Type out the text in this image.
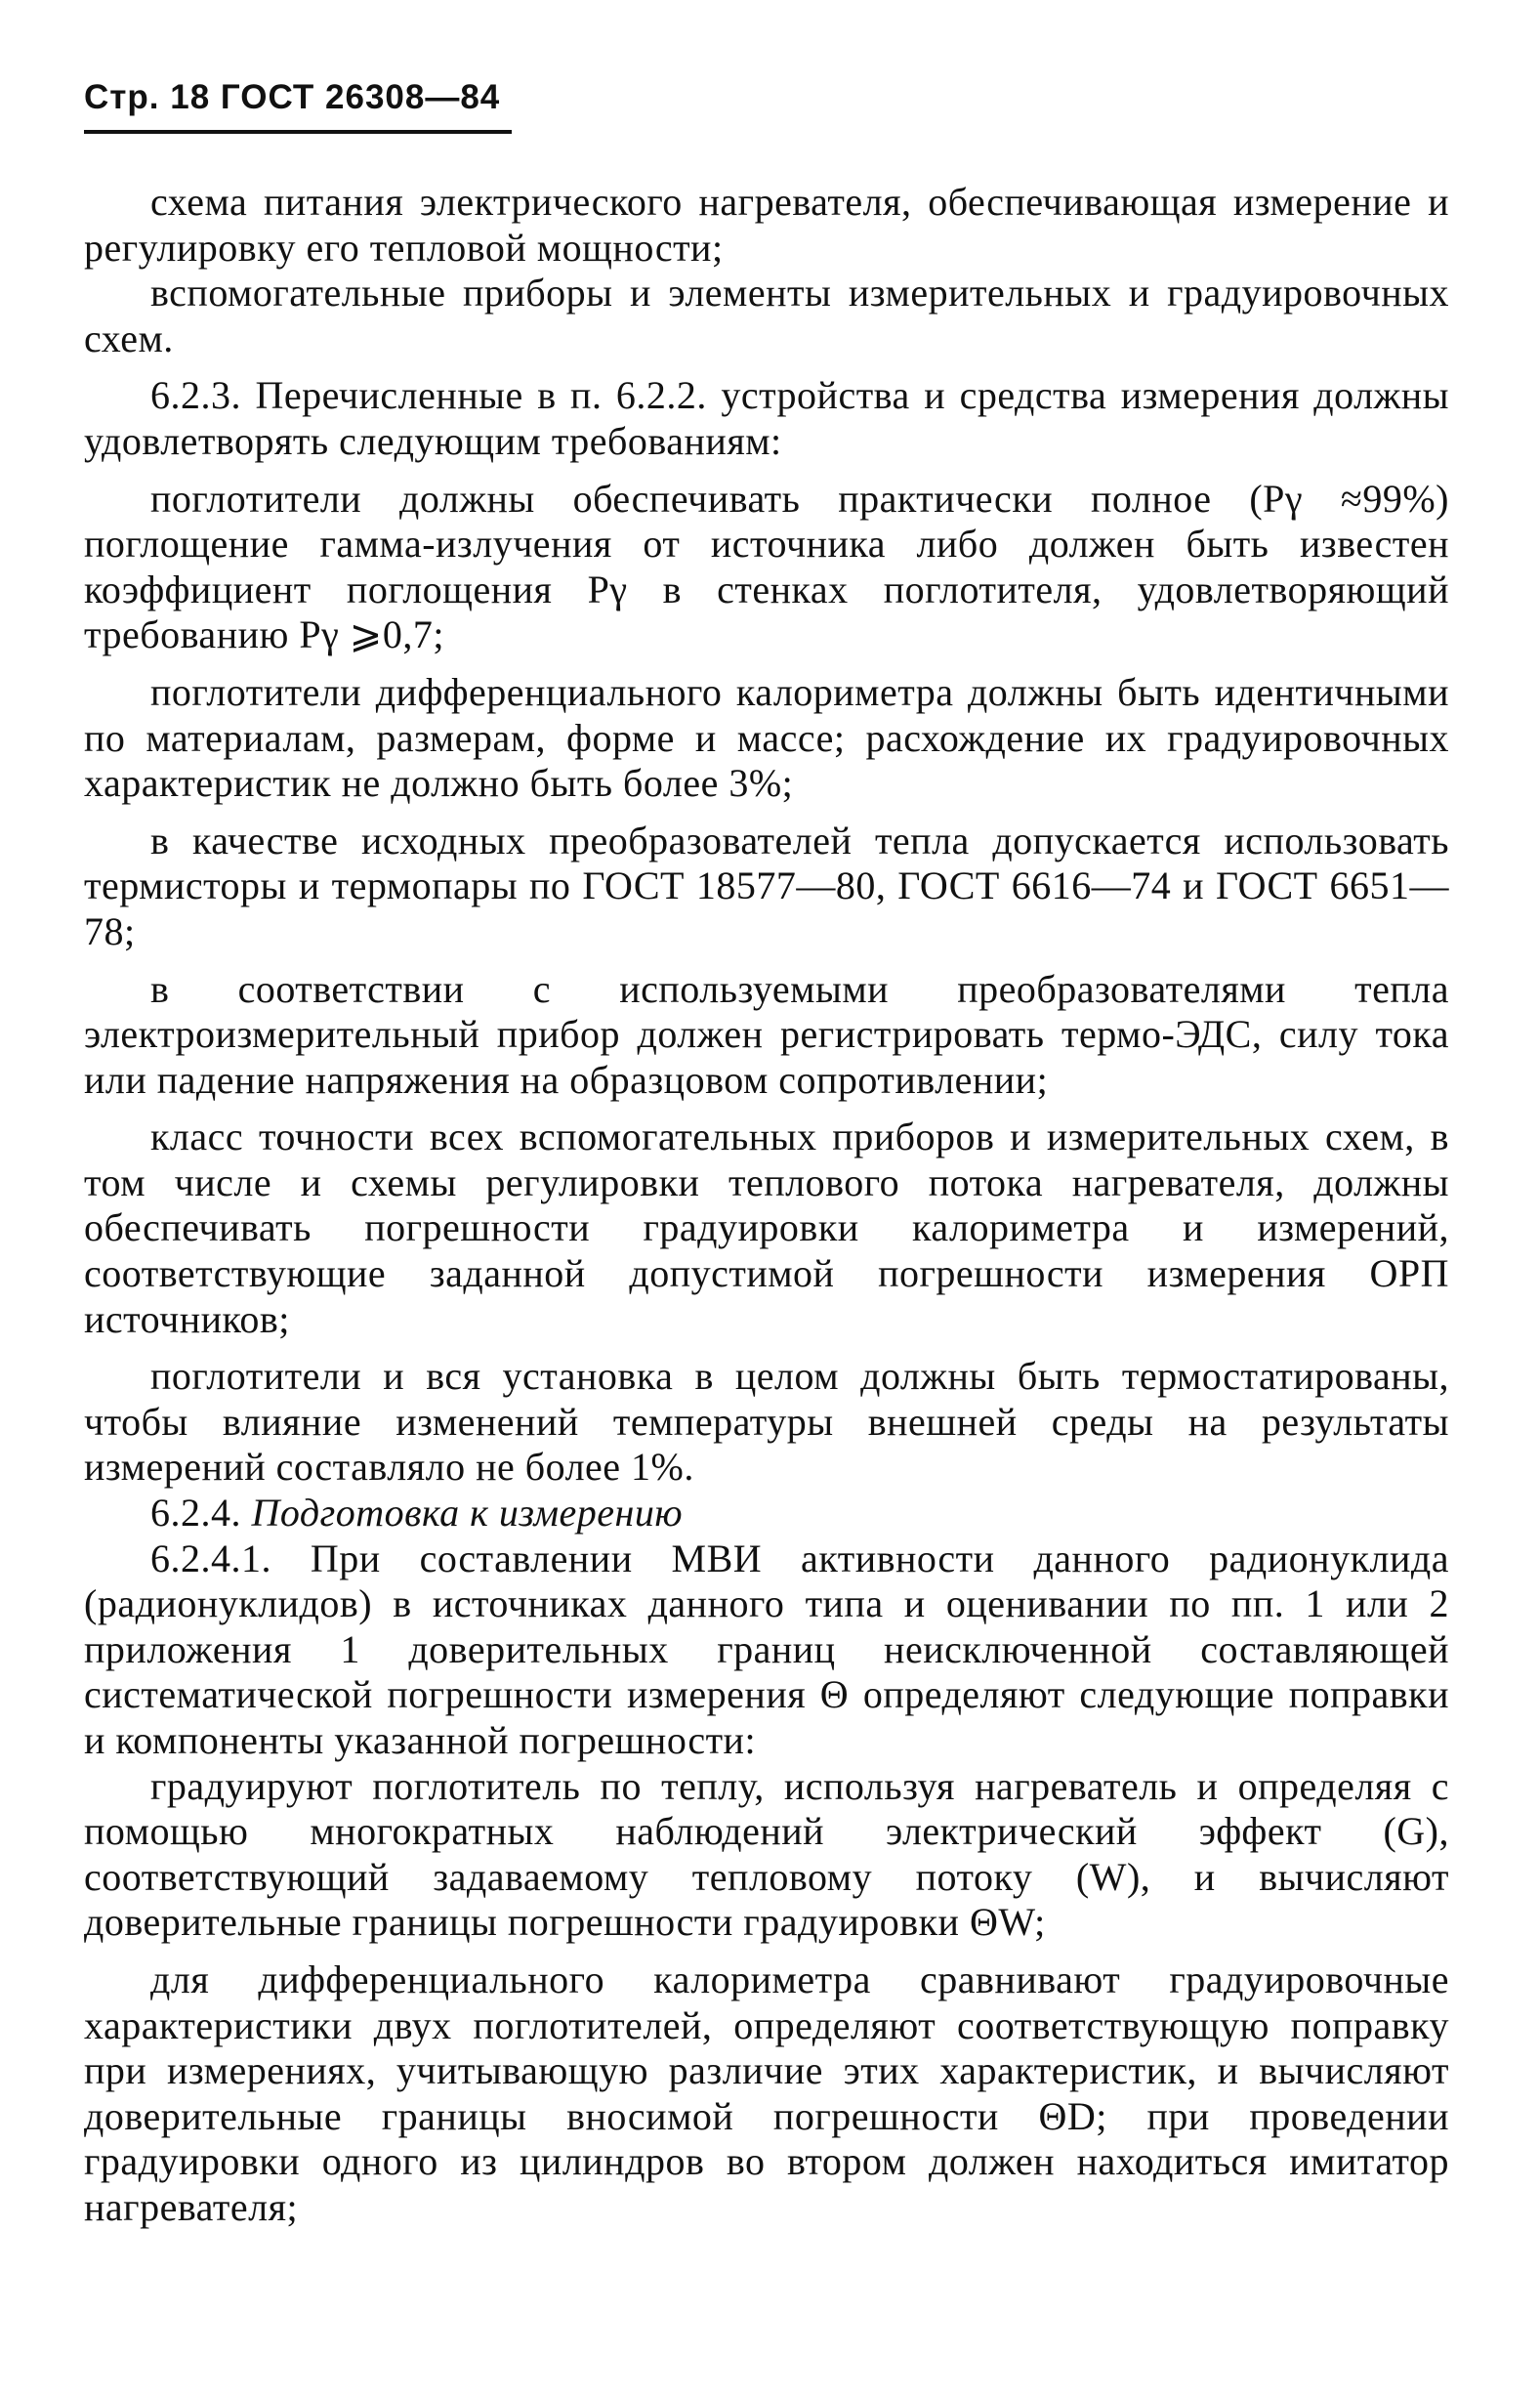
Стр. 18 ГОСТ 26308—84

схема питания электрического нагревателя, обеспечивающая измерение и регулировку его тепловой мощности;

вспомогательные приборы и элементы измерительных и градуировочных схем.

6.2.3. Перечисленные в п. 6.2.2. устройства и средства измерения должны удовлетворять следующим требованиям:

поглотители должны обеспечивать практически полное (Pγ ≈99%) поглощение гамма-излучения от источника либо должен быть известен коэффициент поглощения Pγ в стенках поглотителя, удовлетворяющий требованию Pγ ⩾0,7;

поглотители дифференциального калориметра должны быть идентичными по материалам, размерам, форме и массе; расхождение их градуировочных характеристик не должно быть более 3%;

в качестве исходных преобразователей тепла допускается использовать термисторы и термопары по ГОСТ 18577—80, ГОСТ 6616—74 и ГОСТ 6651—78;

в соответствии с используемыми преобразователями тепла электроизмерительный прибор должен регистрировать термо-ЭДС, силу тока или падение напряжения на образцовом сопротивлении;

класс точности всех вспомогательных приборов и измерительных схем, в том числе и схемы регулировки теплового потока нагревателя, должны обеспечивать погрешности градуировки калориметра и измерений, соответствующие заданной допустимой погрешности измерения ОРП источников;

поглотители и вся установка в целом должны быть термостатированы, чтобы влияние изменений температуры внешней среды на результаты измерений составляло не более 1%.

6.2.4. Подготовка к измерению

6.2.4.1. При составлении МВИ активности данного радионуклида (радионуклидов) в источниках данного типа и оценивании по пп. 1 или 2 приложения 1 доверительных границ неисключенной составляющей систематической погрешности измерения Θ определяют следующие поправки и компоненты указанной погрешности:

градуируют поглотитель по теплу, используя нагреватель и определяя с помощью многократных наблюдений электрический эффект (G), соответствующий задаваемому тепловому потоку (W), и вычисляют доверительные границы погрешности градуировки ΘW;

для дифференциального калориметра сравнивают градуировочные характеристики двух поглотителей, определяют соответствующую поправку при измерениях, учитывающую различие этих характеристик, и вычисляют доверительные границы вносимой погрешности ΘD; при проведении градуировки одного из цилиндров во втором должен находиться имитатор нагревателя;
